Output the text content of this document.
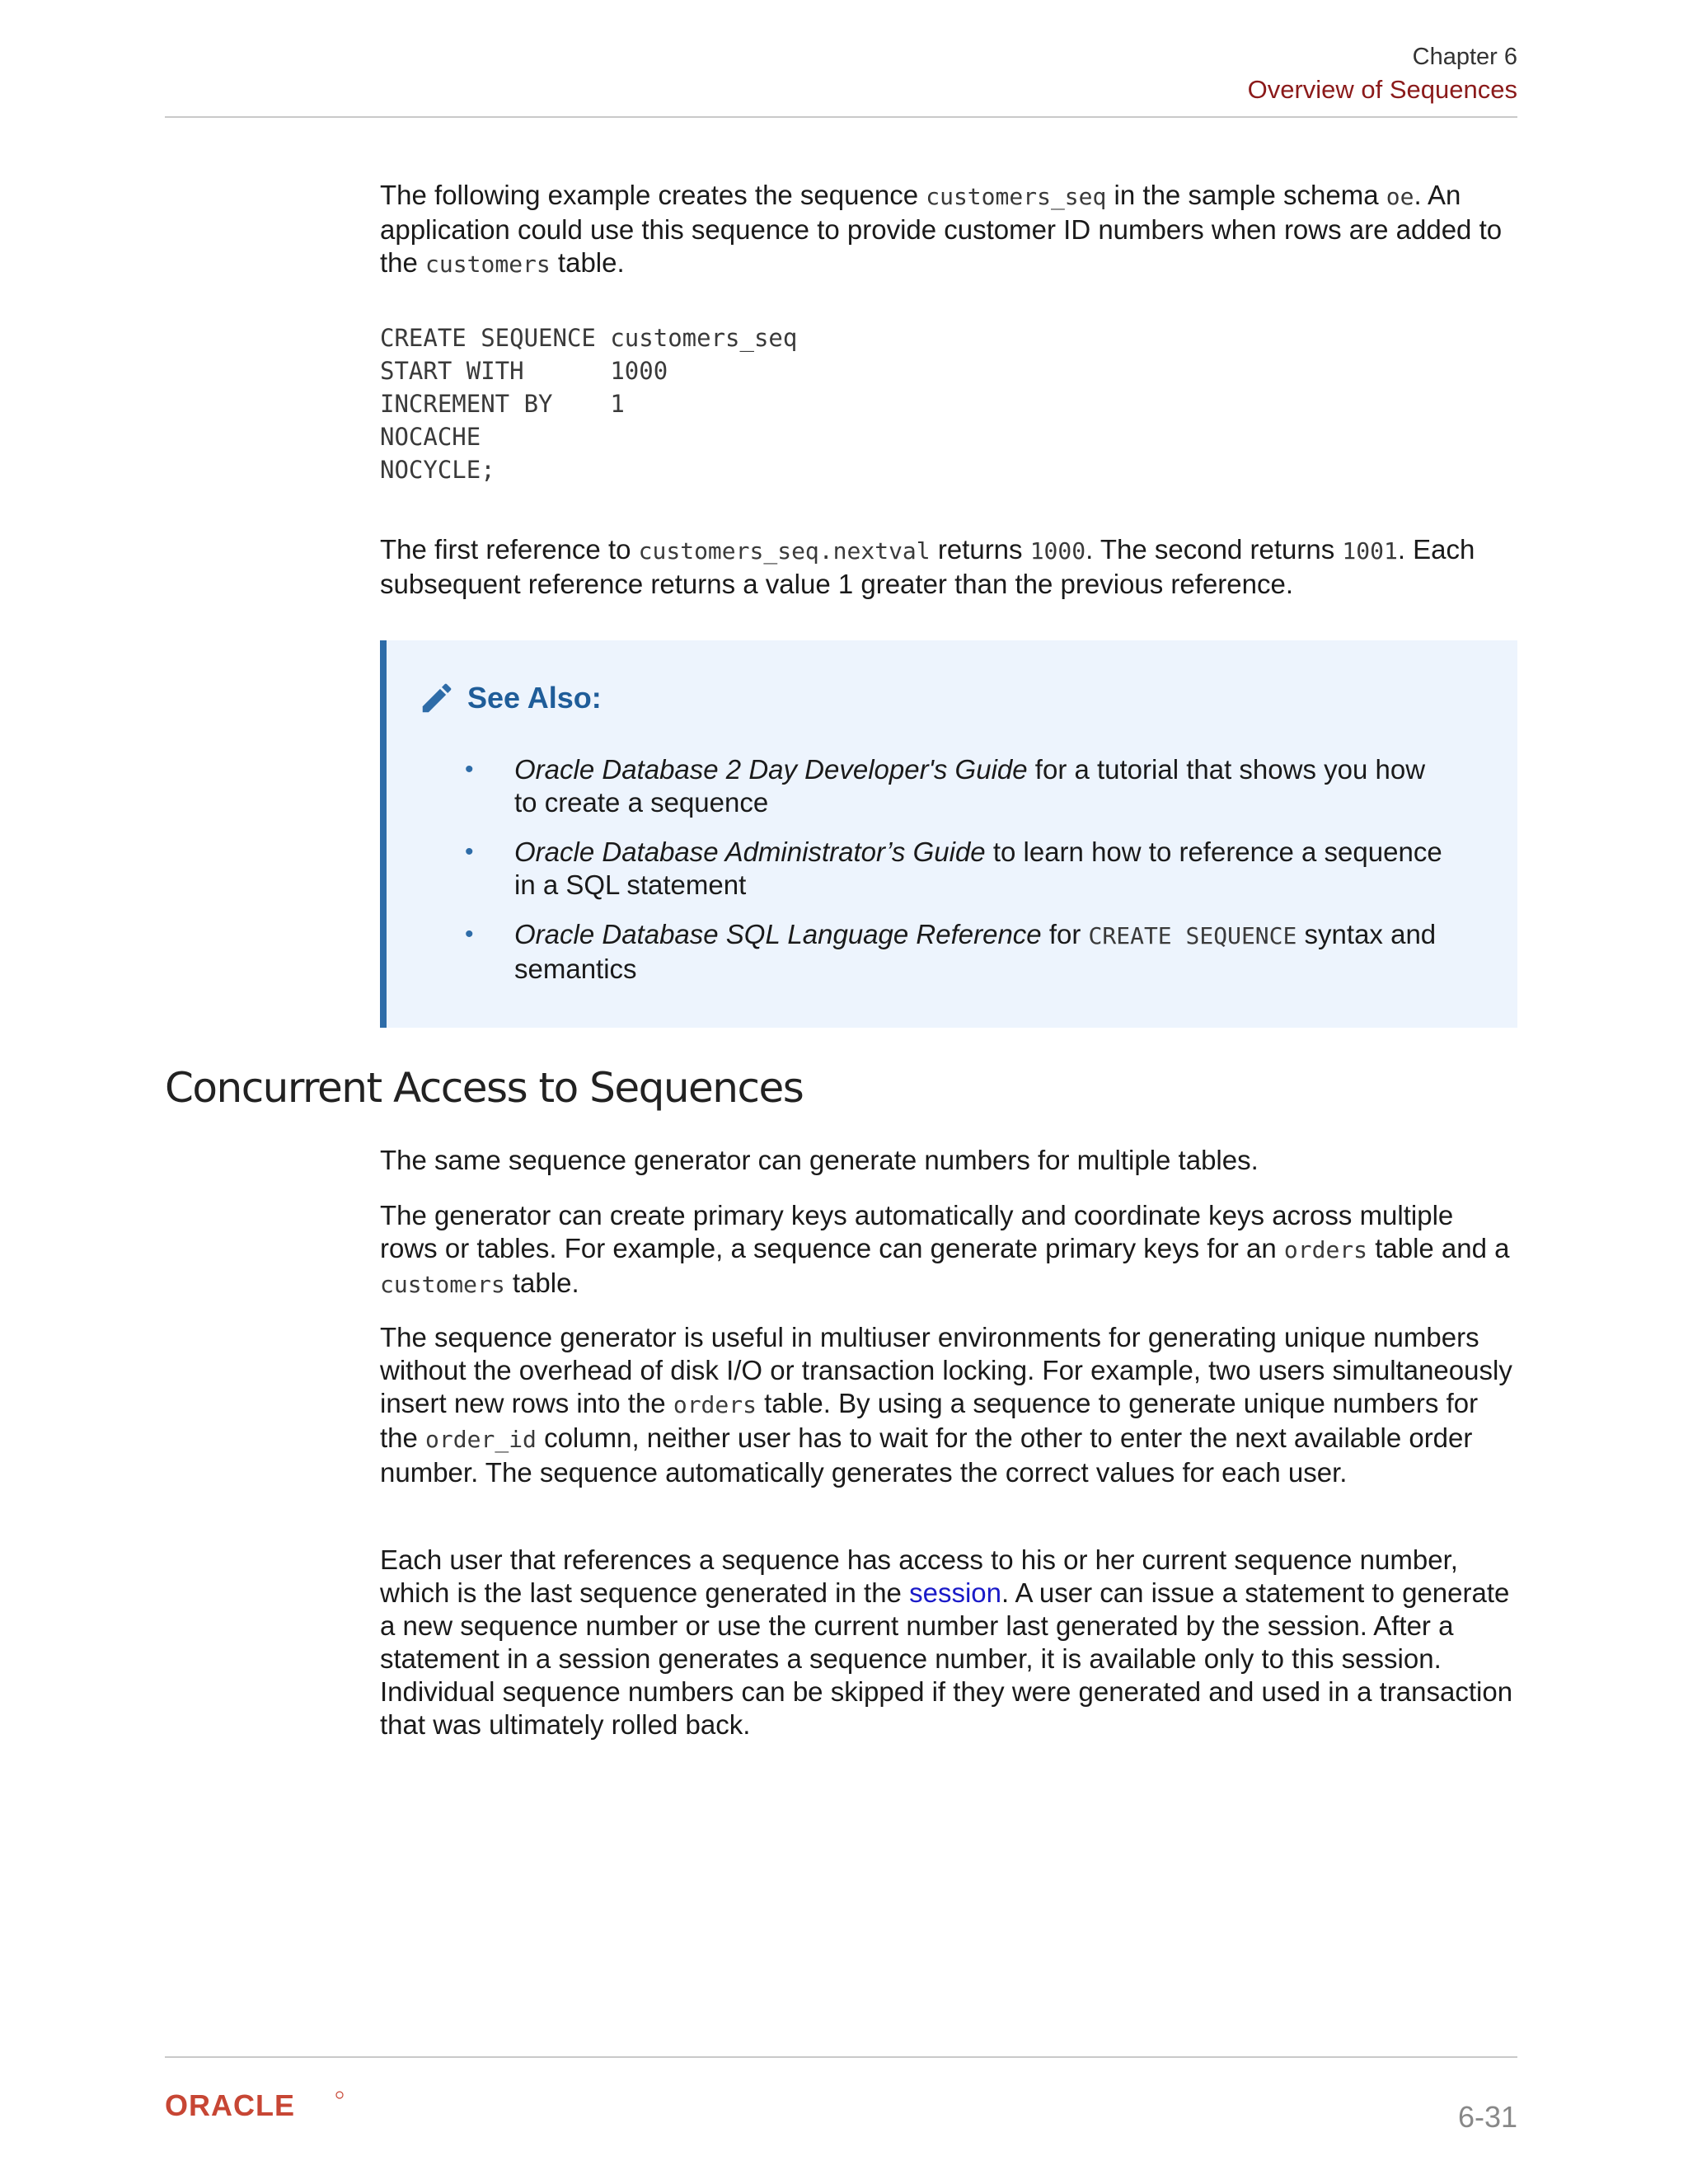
Chapter 6
Overview of Sequences

The following example creates the sequence customers_seq in the sample schema oe. An application could use this sequence to provide customer ID numbers when rows are added to the customers table.

CREATE SEQUENCE customers_seq
START WITH      1000
INCREMENT BY    1
NOCACHE
NOCYCLE;

The first reference to customers_seq.nextval returns 1000. The second returns 1001. Each subsequent reference returns a value 1 greater than the previous reference.

See Also:
• Oracle Database 2 Day Developer's Guide for a tutorial that shows you how to create a sequence
• Oracle Database Administrator’s Guide to learn how to reference a sequence in a SQL statement
• Oracle Database SQL Language Reference for CREATE SEQUENCE syntax and semantics
Concurrent Access to Sequences

The same sequence generator can generate numbers for multiple tables.

The generator can create primary keys automatically and coordinate keys across multiple rows or tables. For example, a sequence can generate primary keys for an orders table and a customers table.

The sequence generator is useful in multiuser environments for generating unique numbers without the overhead of disk I/O or transaction locking. For example, two users simultaneously insert new rows into the orders table. By using a sequence to generate unique numbers for the order_id column, neither user has to wait for the other to enter the next available order number. The sequence automatically generates the correct values for each user.

Each user that references a sequence has access to his or her current sequence number, which is the last sequence generated in the session. A user can issue a statement to generate a new sequence number or use the current number last generated by the session. After a statement in a session generates a sequence number, it is available only to this session. Individual sequence numbers can be skipped if they were generated and used in a transaction that was ultimately rolled back.

ORACLE	6-31
